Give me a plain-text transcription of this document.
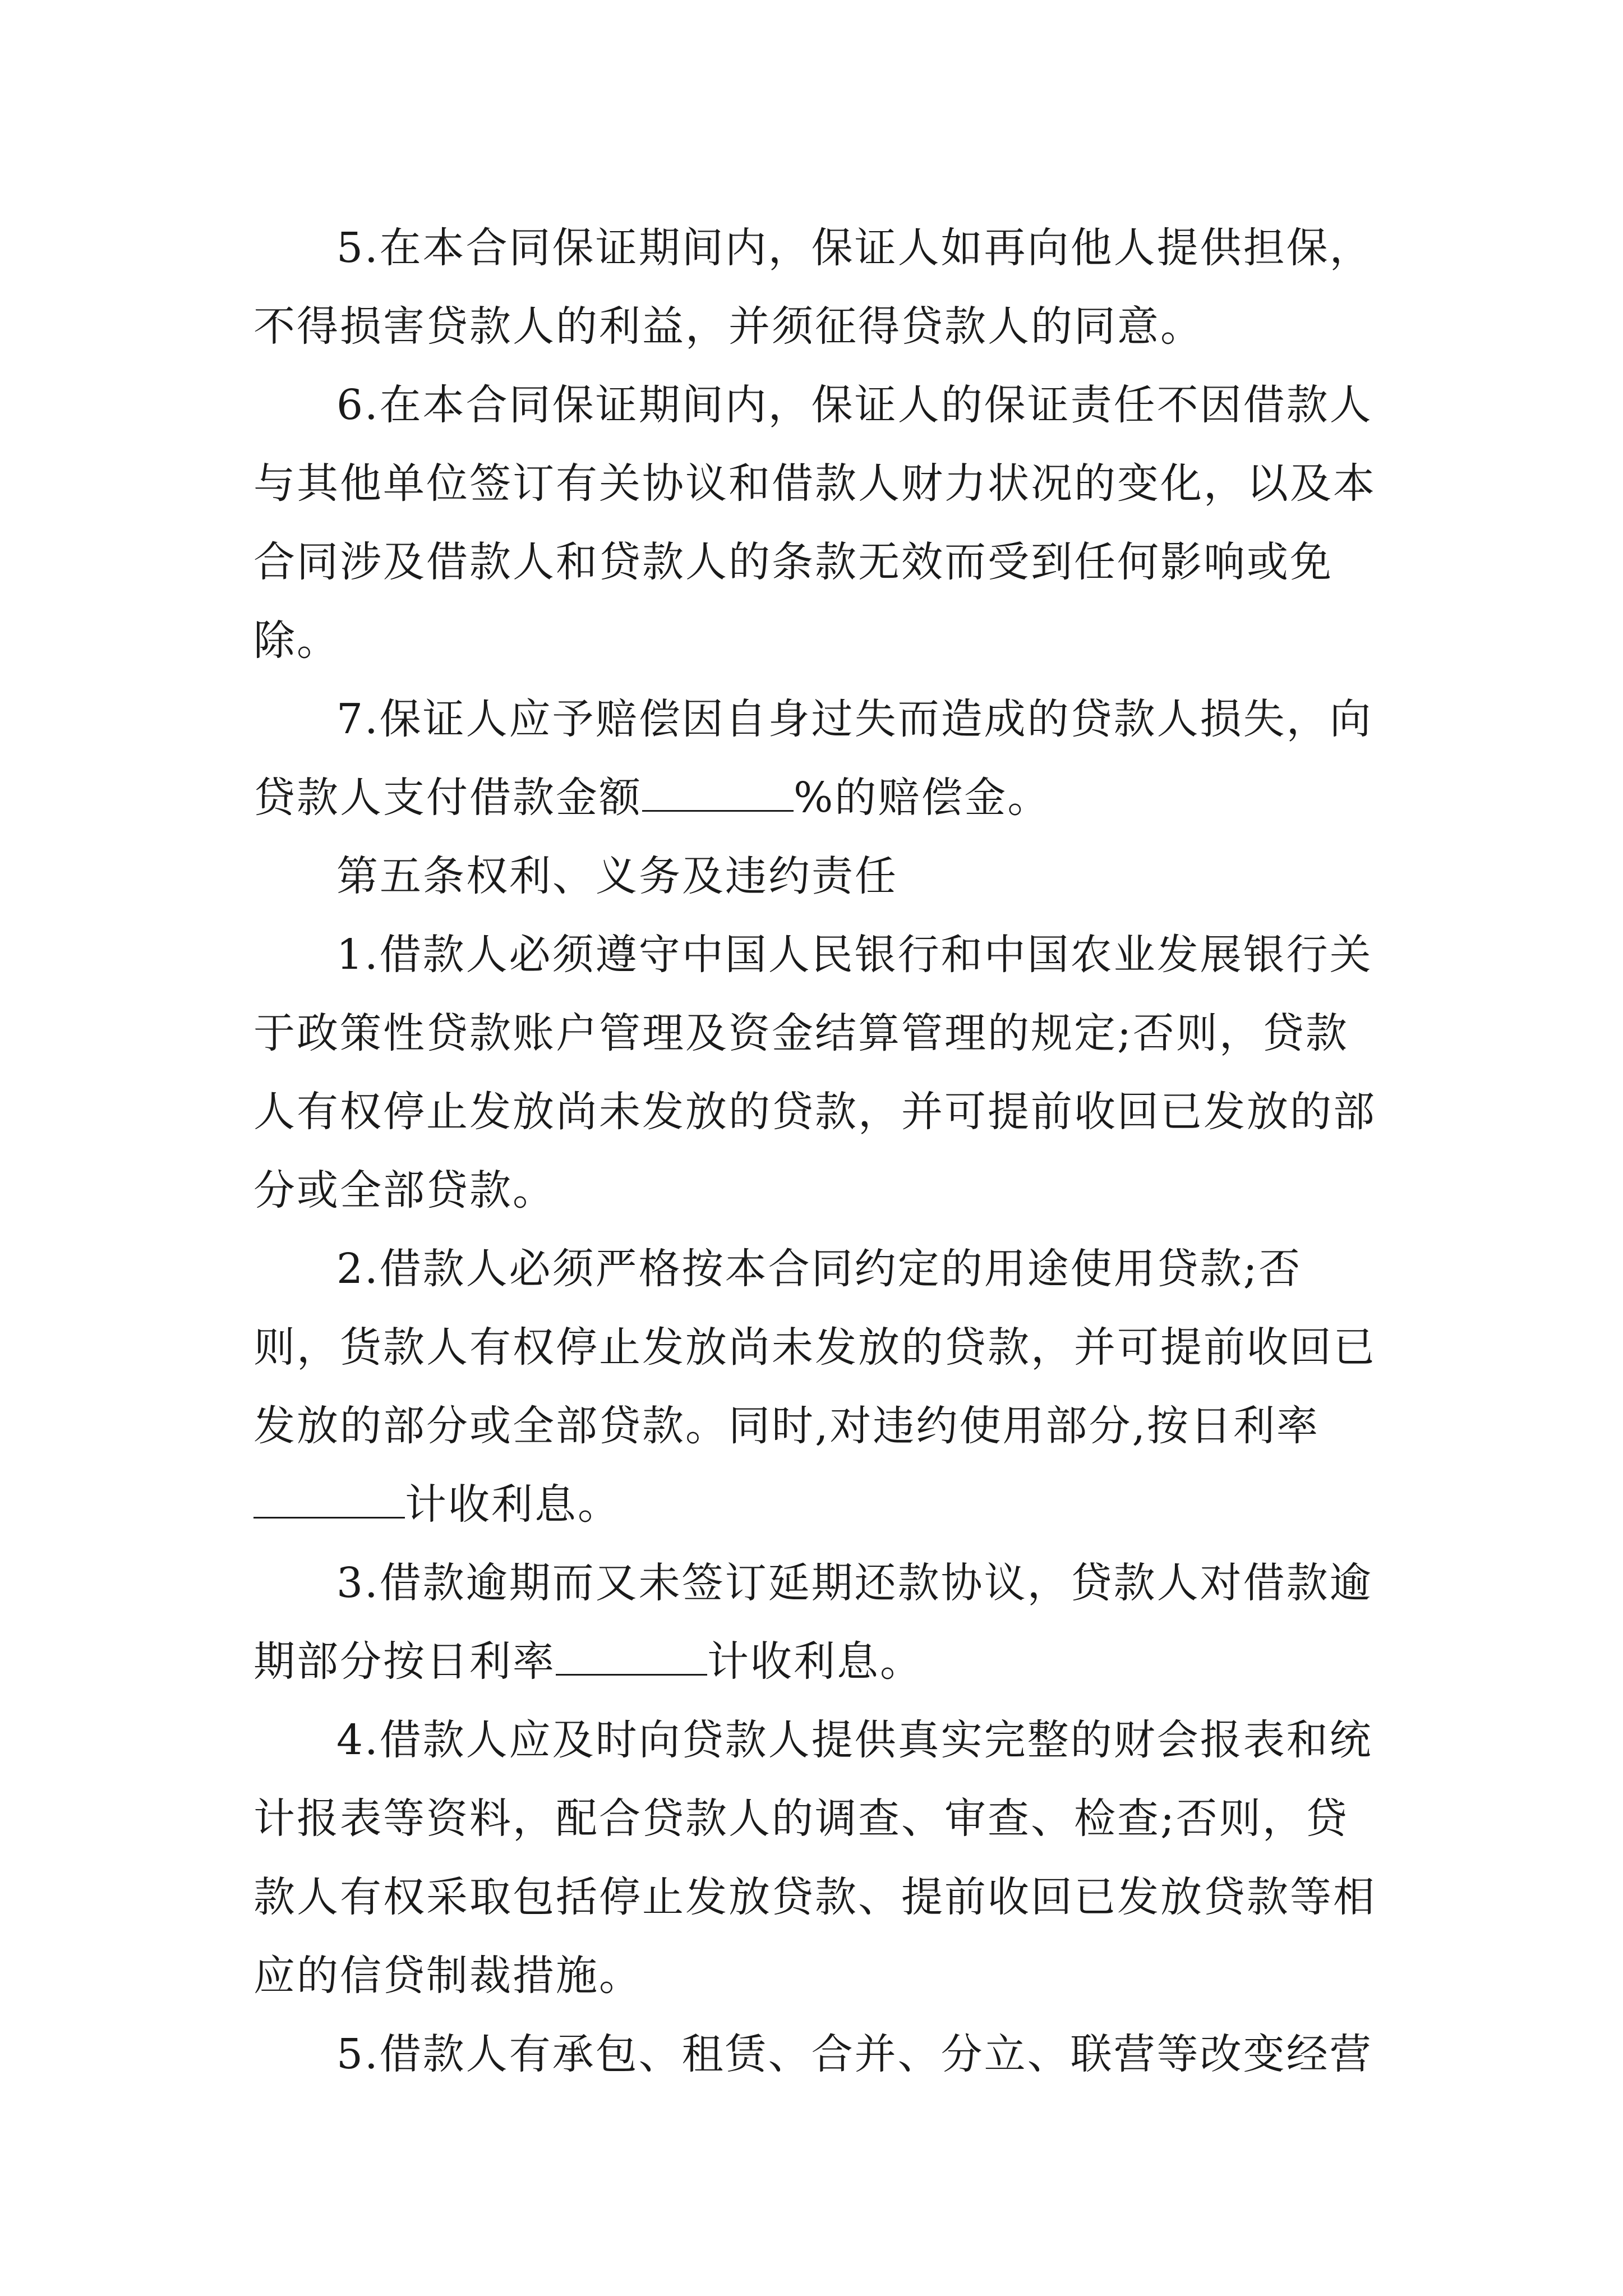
5.在本合同保证期间内，保证人如再向他人提供担保，不得损害贷款人的利益，并须征得贷款人的同意。

6.在本合同保证期间内，保证人的保证责任不因借款人与其他单位签订有关协议和借款人财力状况的变化，以及本合同涉及借款人和贷款人的条款无效而受到任何影响或免除。

7.保证人应予赔偿因自身过失而造成的贷款人损失，向贷款人支付借款金额	%的赔偿金。

第五条权利、义务及违约责任

1.借款人必须遵守中国人民银行和中国农业发展银行关于政策性贷款账户管理及资金结算管理的规定;否则，贷款人有权停止发放尚未发放的贷款，并可提前收回已发放的部分或全部贷款。

2.借款人必须严格按本合同约定的用途使用贷款;否则，货款人有权停止发放尚未发放的贷款，并可提前收回已发放的部分或全部贷款。同时,对违约使用部分,按日利率计收利息。

3.借款逾期而又未签订延期还款协议，贷款人对借款逾期部分按日利率	计收利息。

4.借款人应及时向贷款人提供真实完整的财会报表和统计报表等资料，配合贷款人的调查、审查、检查;否则，贷款人有权采取包括停止发放贷款、提前收回已发放贷款等相应的信贷制裁措施。

5.借款人有承包、租赁、合并、分立、联营等改变经营
